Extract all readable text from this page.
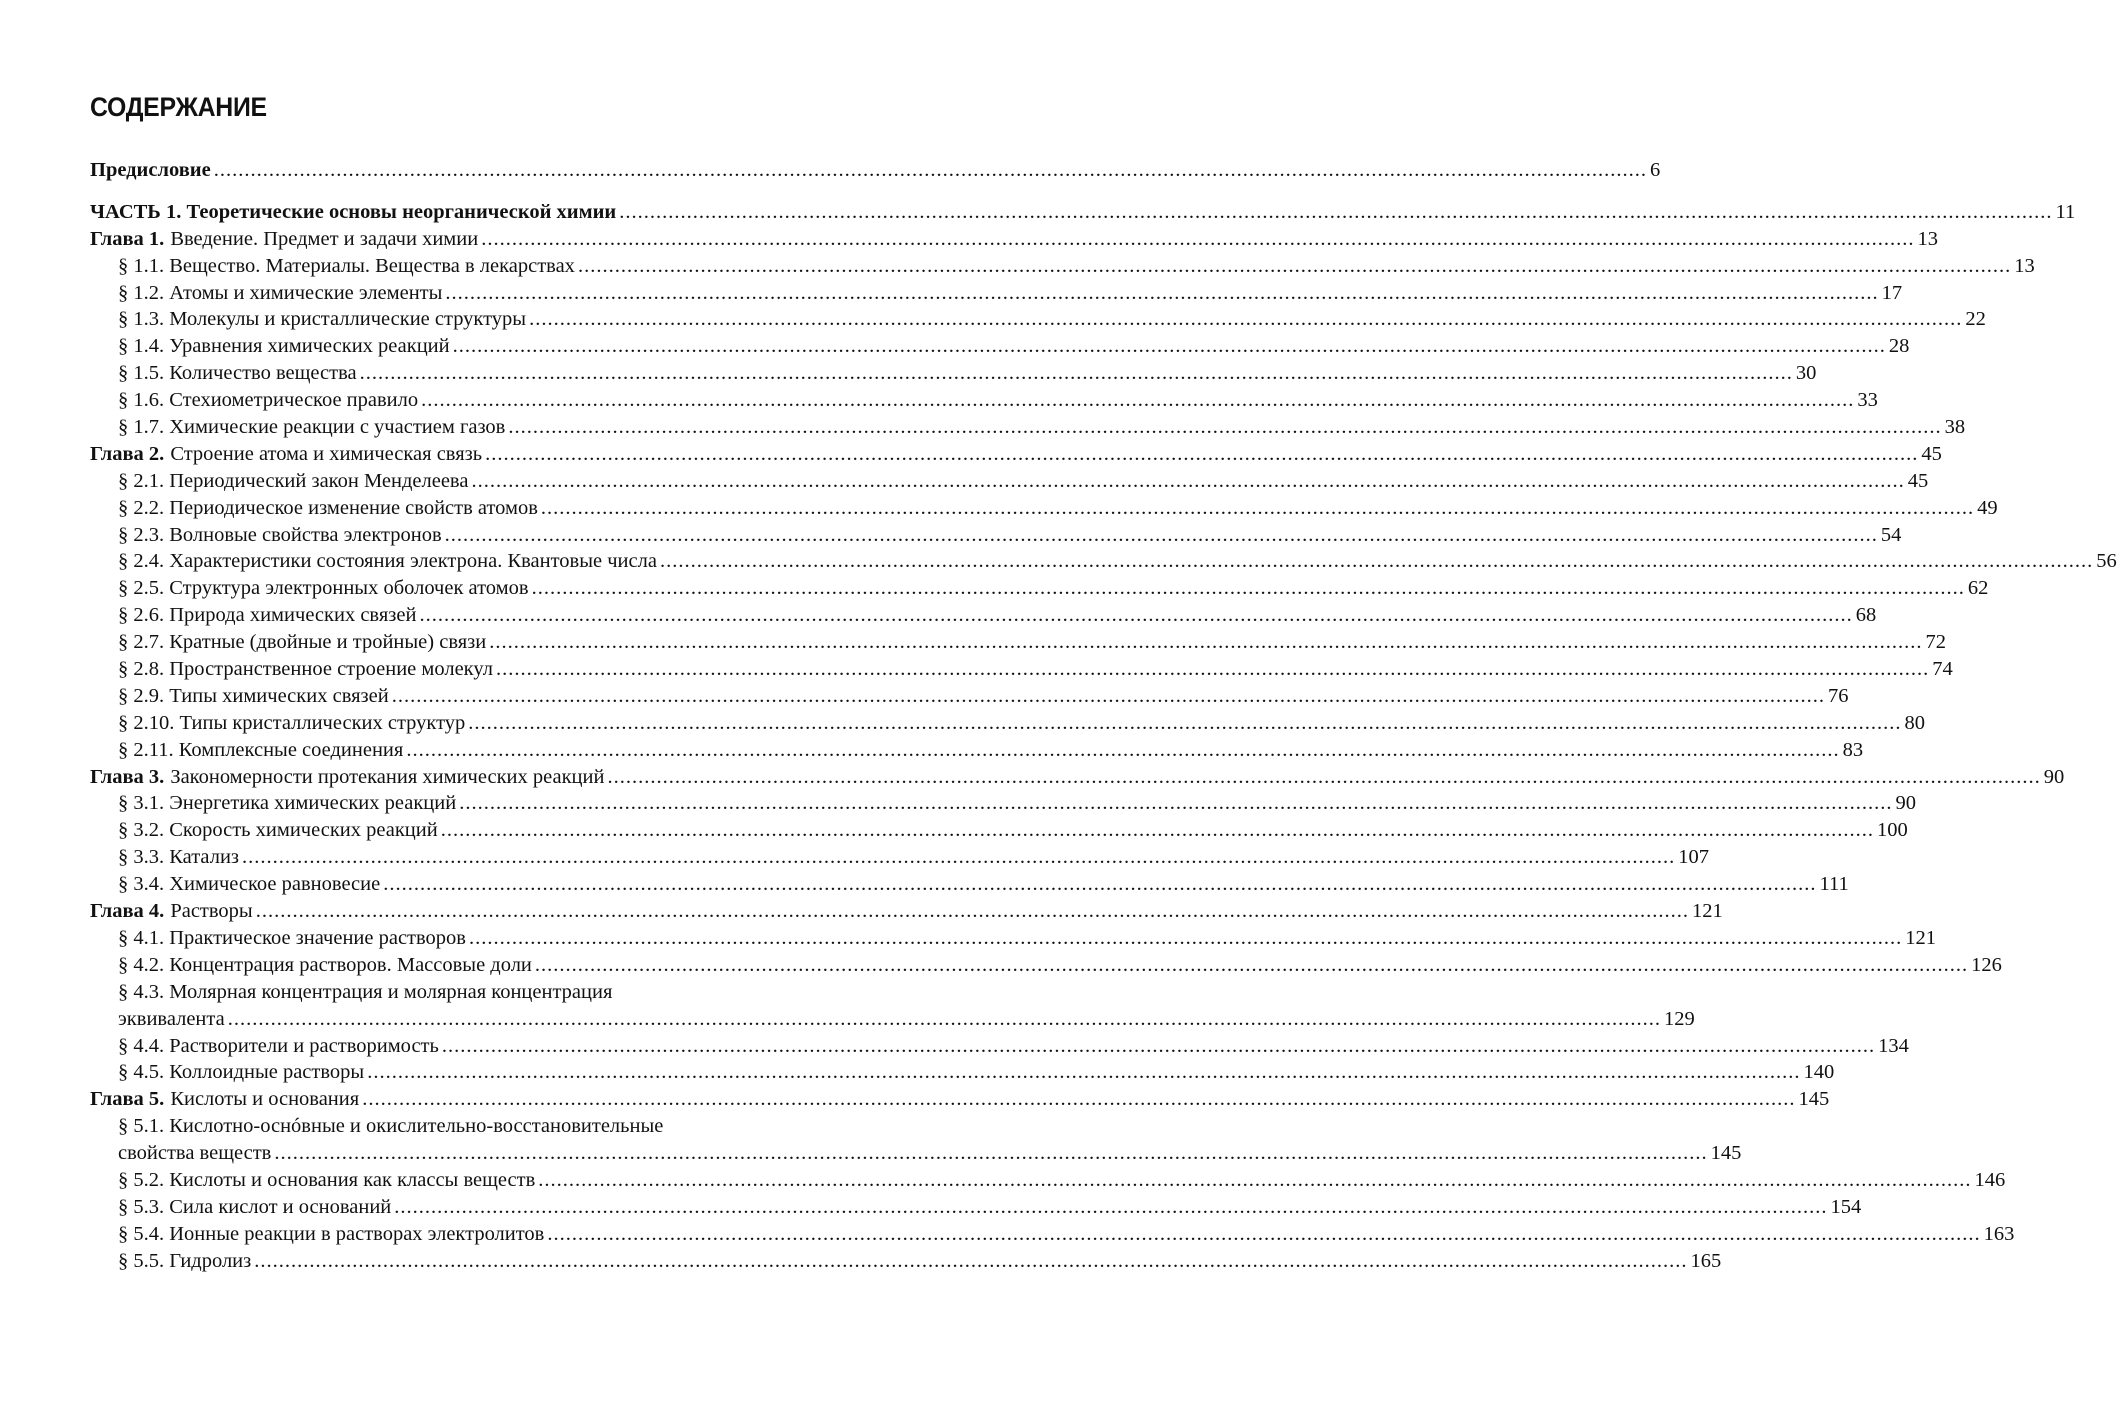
СОДЕРЖАНИЕ
Предисловие .....	6
ЧАСТЬ 1. Теоретические основы неорганической химии .....	11
Глава 1. Введение. Предмет и задачи химии .....	13
§ 1.1. Вещество. Материалы. Вещества в лекарствах .....	13
§ 1.2. Атомы и химические элементы .....	17
§ 1.3. Молекулы и кристаллические структуры .....	22
§ 1.4. Уравнения химических реакций .....	28
§ 1.5. Количество вещества .....	30
§ 1.6. Стехиометрическое правило .....	33
§ 1.7. Химические реакции с участием газов .....	38
Глава 2. Строение атома и химическая связь .....	45
§ 2.1. Периодический закон Менделеева .....	45
§ 2.2. Периодическое изменение свойств атомов .....	49
§ 2.3. Волновые свойства электронов .....	54
§ 2.4. Характеристики состояния электрона. Квантовые числа .....	56
§ 2.5. Структура электронных оболочек атомов .....	62
§ 2.6. Природа химических связей .....	68
§ 2.7. Кратные (двойные и тройные) связи .....	72
§ 2.8. Пространственное строение молекул .....	74
§ 2.9. Типы химических связей .....	76
§ 2.10. Типы кристаллических структур .....	80
§ 2.11. Комплексные соединения .....	83
Глава 3. Закономерности протекания химических реакций .....	90
§ 3.1. Энергетика химических реакций .....	90
§ 3.2. Скорость химических реакций .....	100
§ 3.3. Катализ .....	107
§ 3.4. Химическое равновесие .....	111
Глава 4. Растворы .....	121
§ 4.1. Практическое значение растворов .....	121
§ 4.2. Концентрация растворов. Массовые доли .....	126
§ 4.3. Молярная концентрация и молярная концентрация
эквивалента .....	129
§ 4.4. Растворители и растворимость .....	134
§ 4.5. Коллоидные растворы .....	140
Глава 5. Кислоты и основания .....	145
§ 5.1. Кислотно-оснóвные и окислительно-восстановительные
свойства веществ .....	145
§ 5.2. Кислоты и основания как классы веществ .....	146
§ 5.3. Сила кислот и оснований .....	154
§ 5.4. Ионные реакции в растворах электролитов .....	163
§ 5.5. Гидролиз .....	165
